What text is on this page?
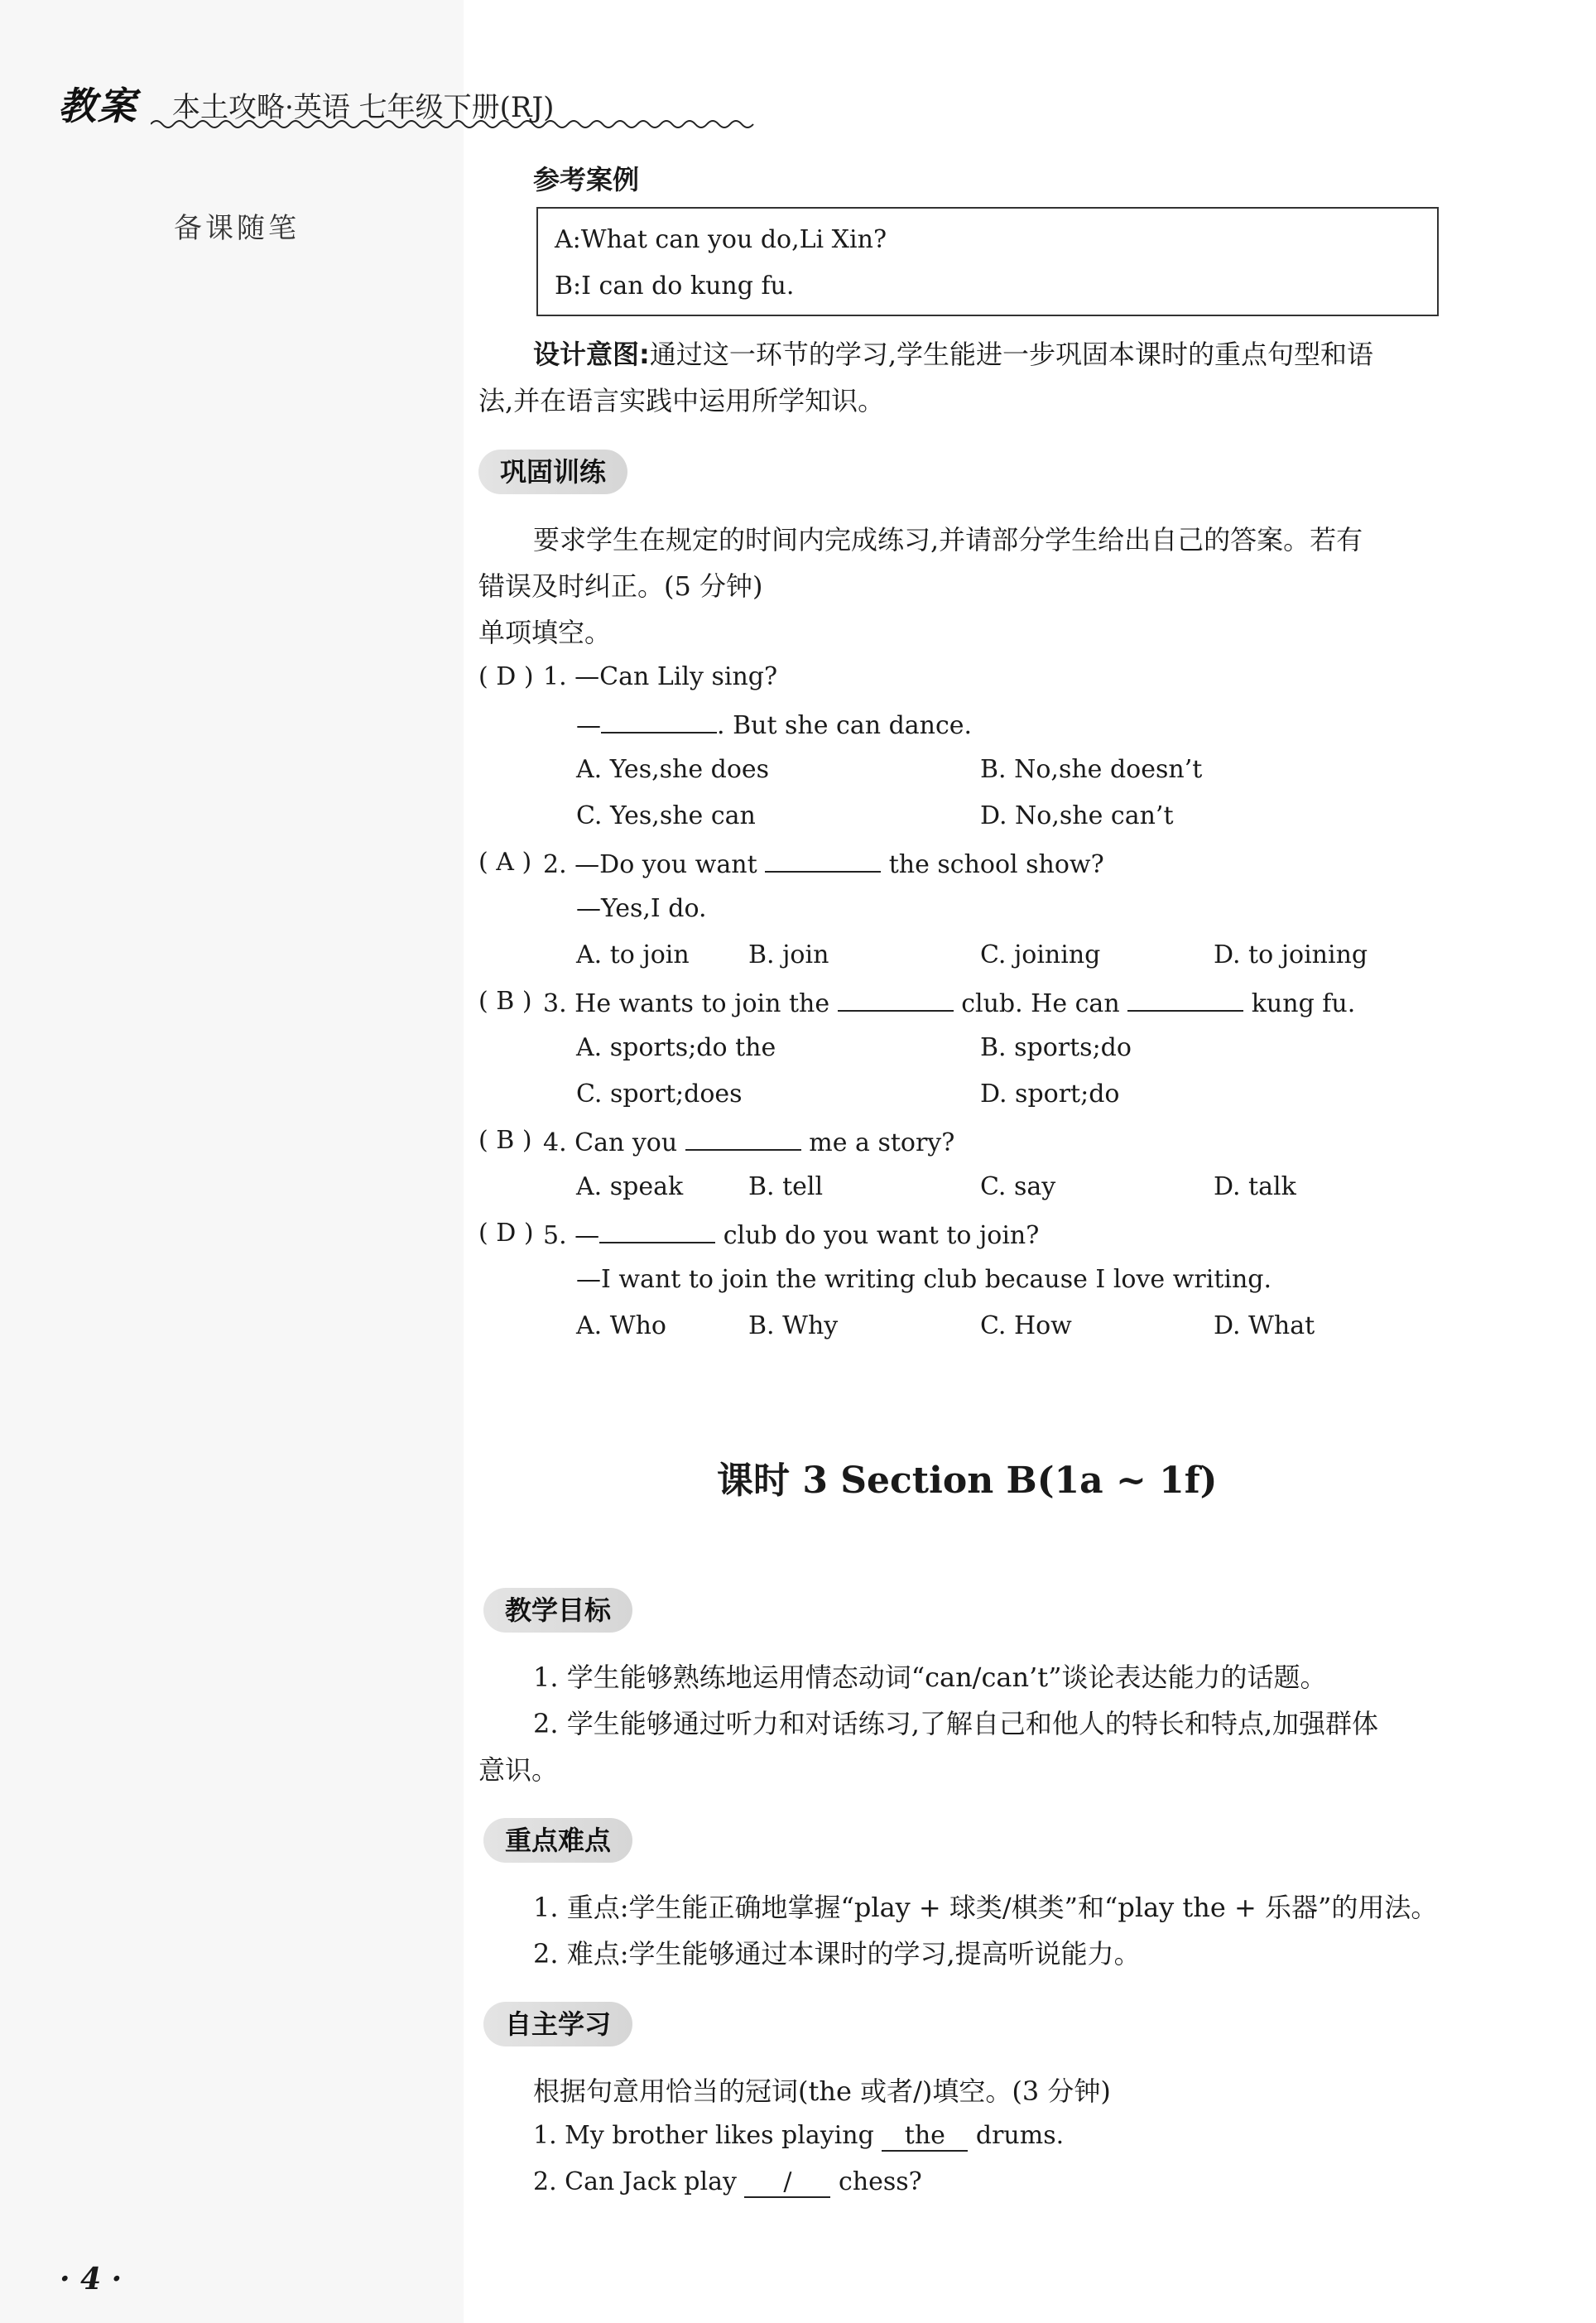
教案 本土攻略·英语 七年级下册(RJ)
备课随笔
参考案例
A:What can you do,Li Xin?
B:I can do kung fu.
设计意图:通过这一环节的学习,学生能进一步巩固本课时的重点句型和语
法,并在语言实践中运用所学知识。
巩固训练
要求学生在规定的时间内完成练习,并请部分学生给出自己的答案。若有
错误及时纠正。(5 分钟)
单项填空。
( D ) 1. —Can Lily sing?
—	. But she can dance.
A. Yes,she does	B. No,she doesn’t
C. Yes,she can	D. No,she can’t
( A ) 2. —Do you want	the school show?
—Yes,I do.
A. to join B. join	C. joining	D. to joining
( B ) 3. He wants to join the	club. He can	kung fu.
A. sports;do the	B. sports;do
C. sport;does	D. sport;do
( B ) 4. Can you	me a story?
A. speak	B. tell	C. say	D. talk
( D ) 5. —	club do you want to join?
—I want to join the writing club because I love writing.
A. Who	B. Why	C. How	D. What
课时 3 Section B(1a ~ 1f)
教学目标
1. 学生能够熟练地运用情态动词“can/can’t”谈论表达能力的话题。
2. 学生能够通过听力和对话练习,了解自己和他人的特长和特点,加强群体
意识。
重点难点
1. 重点:学生能正确地掌握“play + 球类/棋类”和“play the + 乐器”的用法。
2. 难点:学生能够通过本课时的学习,提高听说能力。
自主学习
根据句意用恰当的冠词(the 或者/)填空。(3 分钟)
1. My brother likes playing the drums.
2. Can Jack play / chess?
· 4 ·
